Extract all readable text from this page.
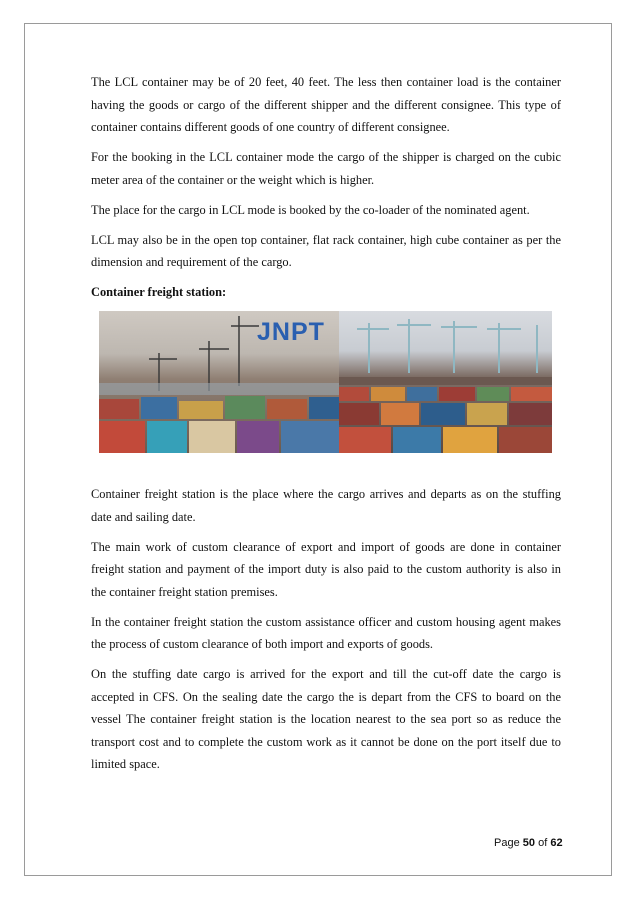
The LCL container may be of 20 feet, 40 feet. The less then container load is the container having the goods or cargo of the different shipper and the different consignee. This type of container contains different goods of one country of different consignee.

For the booking in the LCL container mode the cargo of the shipper is charged on the cubic meter area of the container or the weight which is higher.

The place for the cargo in LCL mode is booked by the co-loader of the nominated agent.

LCL may also be in the open top container, flat rack container, high cube container as per the dimension and requirement of the cargo.

Container freight station:

JNPT

Container freight station is the place where the cargo arrives and departs as on the stuffing date and sailing date.

The main work of custom clearance of export and import of goods are done in container freight station and payment of the import duty is also paid to the custom authority is also in the container freight station premises.

In the container freight station the custom assistance officer and custom housing agent makes the process of custom clearance of both import and exports of goods.

On the stuffing date cargo is arrived for the export and till the cut-off date the cargo is accepted in CFS. On the sealing date the cargo the is depart from the CFS to board on the vessel The container freight station is the location nearest to the sea port so as reduce the transport cost and to complete the custom work as it cannot be done on the port itself due to limited space.

Page 50 of 62
